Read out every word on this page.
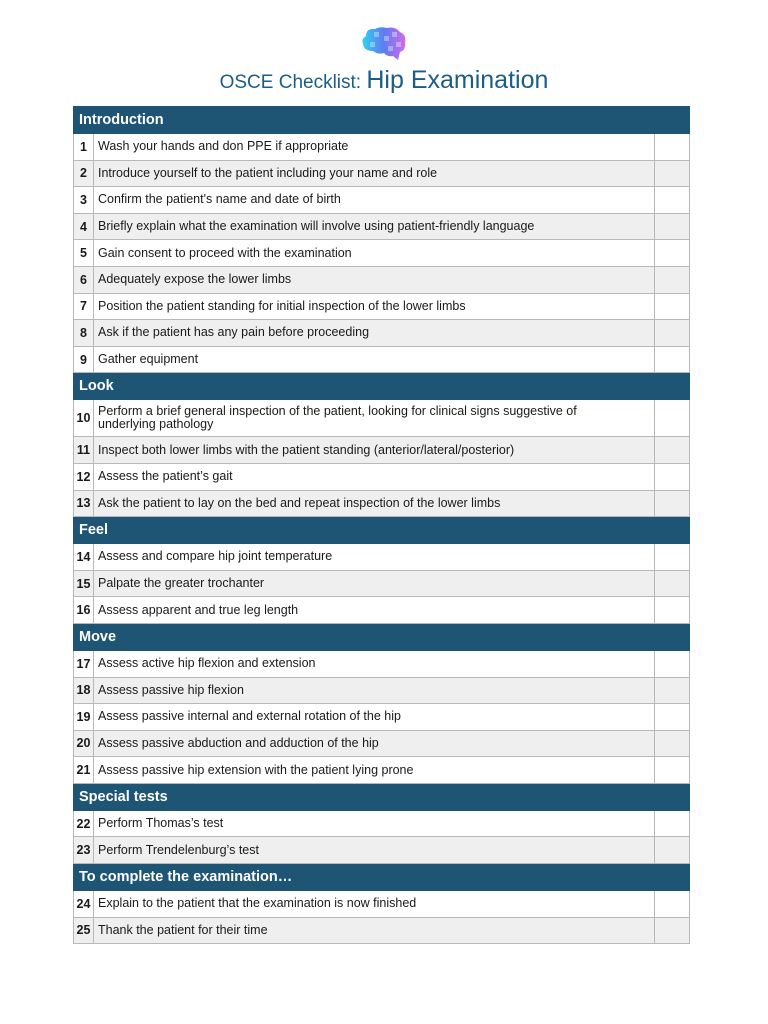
OSCE Checklist: Hip Examination
Introduction		
1	Wash your hands and don PPE if appropriate	
2	Introduce yourself to the patient including your name and role	
3	Confirm the patient's name and date of birth	
4	Briefly explain what the examination will involve using patient-friendly language	
5	Gain consent to proceed with the examination	
6	Adequately expose the lower limbs	
7	Position the patient standing for initial inspection of the lower limbs	
8	Ask if the patient has any pain before proceeding	
9	Gather equipment	
Look		
10	Perform a brief general inspection of the patient, looking for clinical signs suggestive of underlying pathology	
11	Inspect both lower limbs with the patient standing (anterior/lateral/posterior)	
12	Assess the patient’s gait	
13	Ask the patient to lay on the bed and repeat inspection of the lower limbs	
Feel		
14	Assess and compare hip joint temperature	
15	Palpate the greater trochanter	
16	Assess apparent and true leg length	
Move		
17	Assess active hip flexion and extension	
18	Assess passive hip flexion	
19	Assess passive internal and external rotation of the hip	
20	Assess passive abduction and adduction of the hip	
21	Assess passive hip extension with the patient lying prone	
Special tests		
22	Perform Thomas’s test	
23	Perform Trendelenburg’s test	
To complete the examination…		
24	Explain to the patient that the examination is now finished	
25	Thank the patient for their time	
